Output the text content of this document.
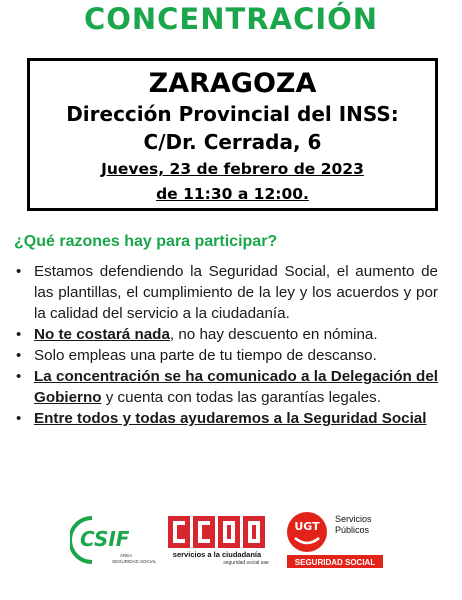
CONCENTRACIÓN
ZARAGOZA
Dirección Provincial del INSS:
C/Dr. Cerrada, 6
Jueves, 23 de febrero de 2023
de 11:30 a 12:00.
¿Qué razones hay para participar?
• Estamos defendiendo la Seguridad Social, el aumento de las plantillas, el cumplimiento de la ley y los acuerdos y por la calidad del servicio a la ciudadanía.
• No te costará nada, no hay descuento en nómina.
• Solo empleas una parte de tu tiempo de descanso.
• La concentración se ha comunicado a la Delegación del Gobierno y cuenta con todas las garantías legales.
• Entre todos y todas ayudaremos a la Seguridad Social
CSIF
ÁREA
SEGURIDAD SOCIAL
servicios a la ciudadanía
seguridad social sae
UGT
Servicios
Públicos
SEGURIDAD SOCIAL
